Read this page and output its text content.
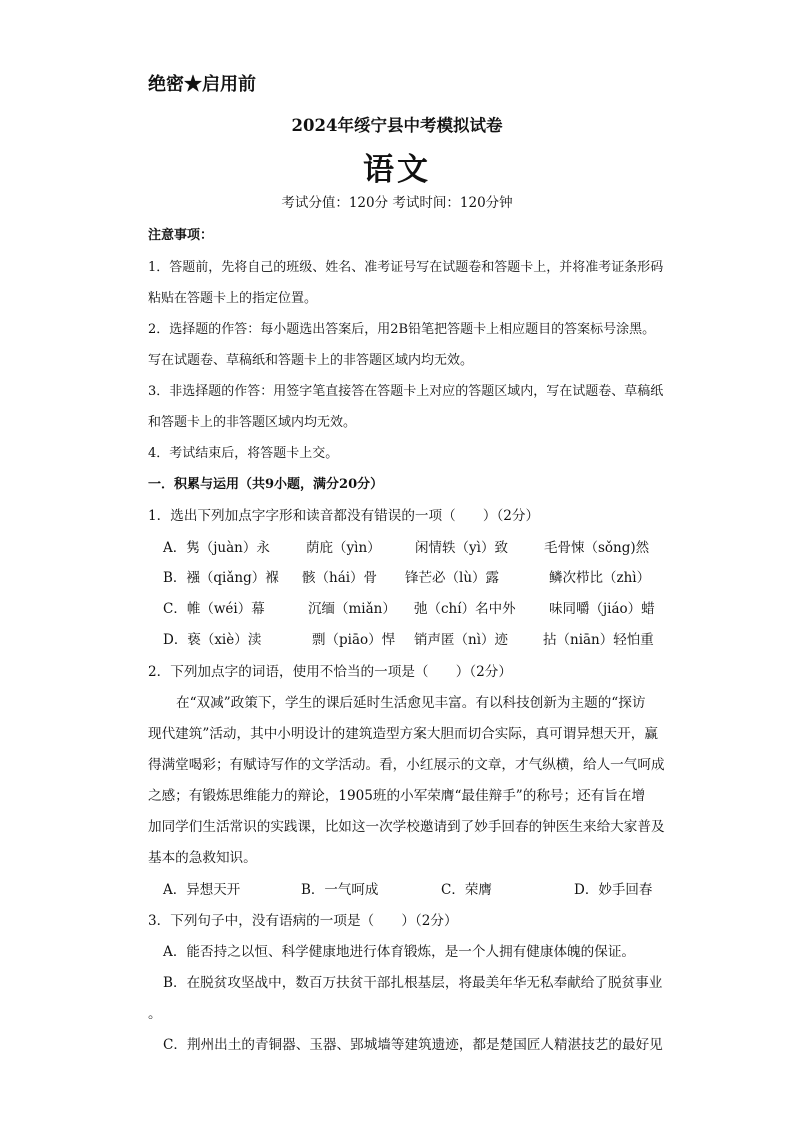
绝密★启用前
2024年绥宁县中考模拟试卷
语文
考试分值：120分 考试时间：120分钟
注意事项：
1．答题前，先将自己的班级、姓名、准考证号写在试题卷和答题卡上，并将准考证条形码
粘贴在答题卡上的指定位置。
2．选择题的作答：每小题选出答案后，用2B铅笔把答题卡上相应题目的答案标号涂黑。
写在试题卷、草稿纸和答题卡上的非答题区域内均无效。
3．非选择题的作答：用签字笔直接答在答题卡上对应的答题区域内，写在试题卷、草稿纸
和答题卡上的非答题区域内均无效。
4．考试结束后，将答题卡上交。
一．积累与运用（共9小题，满分20分）
1．选出下列加点字字形和读音都没有错误的一项（　　）（2分）
A．隽（juàn）永	荫庇（yìn）	闲情轶（yì）致	毛骨悚（sǒng)然
B．襁（qiǎng）褓 骸（hái）骨 锋芒必（lù）露	鳞次栉比（zhì）
C．帷（wéi）幕	沉缅（miǎn） 弛（chí）名中外 味同嚼（jiáo）蜡
D．亵（xiè）渎	剽（piāo）悍 销声匿（nì）迹	拈（niān）轻怕重
2．下列加点字的词语，使用不恰当的一项是（　　）（2分）
在“双减”政策下，学生的课后延时生活愈见丰富。有以科技创新为主题的“探访
现代建筑”活动，其中小明设计的建筑造型方案大胆而切合实际，真可谓异想天开，赢
得满堂喝彩；有赋诗写作的文学活动。看，小红展示的文章，才气纵横，给人一气呵成
之感；有锻炼思维能力的辩论，1905班的小军荣膺“最佳辩手”的称号；还有旨在增
加同学们生活常识的实践课，比如这一次学校邀请到了妙手回春的钟医生来给大家普及
基本的急救知识。
A．异想天开	B．一气呵成	C．荣膺	D．妙手回春
3．下列句子中，没有语病的一项是（　　）（2分）
A．能否持之以恒、科学健康地进行体育锻炼，是一个人拥有健康体魄的保证。
B．在脱贫攻坚战中，数百万扶贫干部扎根基层，将最美年华无私奉献给了脱贫事业
。
C．荆州出土的青铜器、玉器、郢城墙等建筑遗迹，都是楚国匠人精湛技艺的最好见
